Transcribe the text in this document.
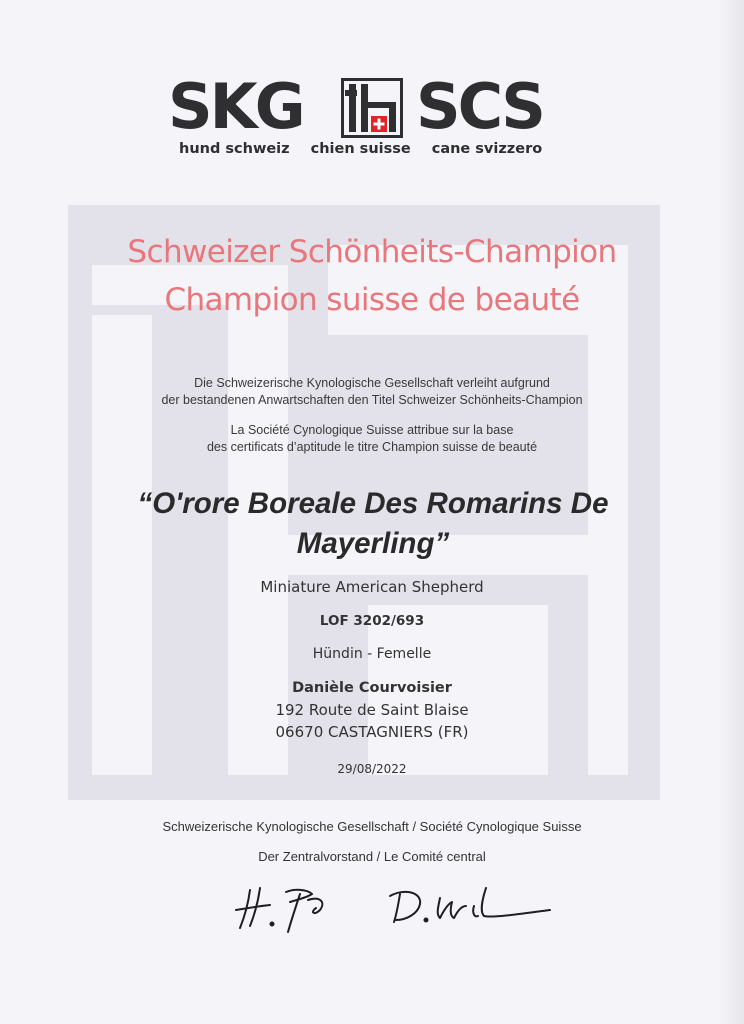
SKG SCS
hund schweiz chien suisse cane svizzero
Schweizer Schönheits-Champion
Champion suisse de beauté
Die Schweizerische Kynologische Gesellschaft verleiht aufgrund
der bestandenen Anwartschaften den Titel Schweizer Schönheits-Champion
La Société Cynologique Suisse attribue sur la base
des certificats d’aptitude le titre Champion suisse de beauté
“O'rore Boreale Des Romarins De
Mayerling”
Miniature American Shepherd
LOF 3202/693
Hündin - Femelle
Danièle Courvoisier
192 Route de Saint Blaise
06670 CASTAGNIERS (FR)
29/08/2022
Schweizerische Kynologische Gesellschaft / Société Cynologique Suisse
Der Zentralvorstand / Le Comité central
